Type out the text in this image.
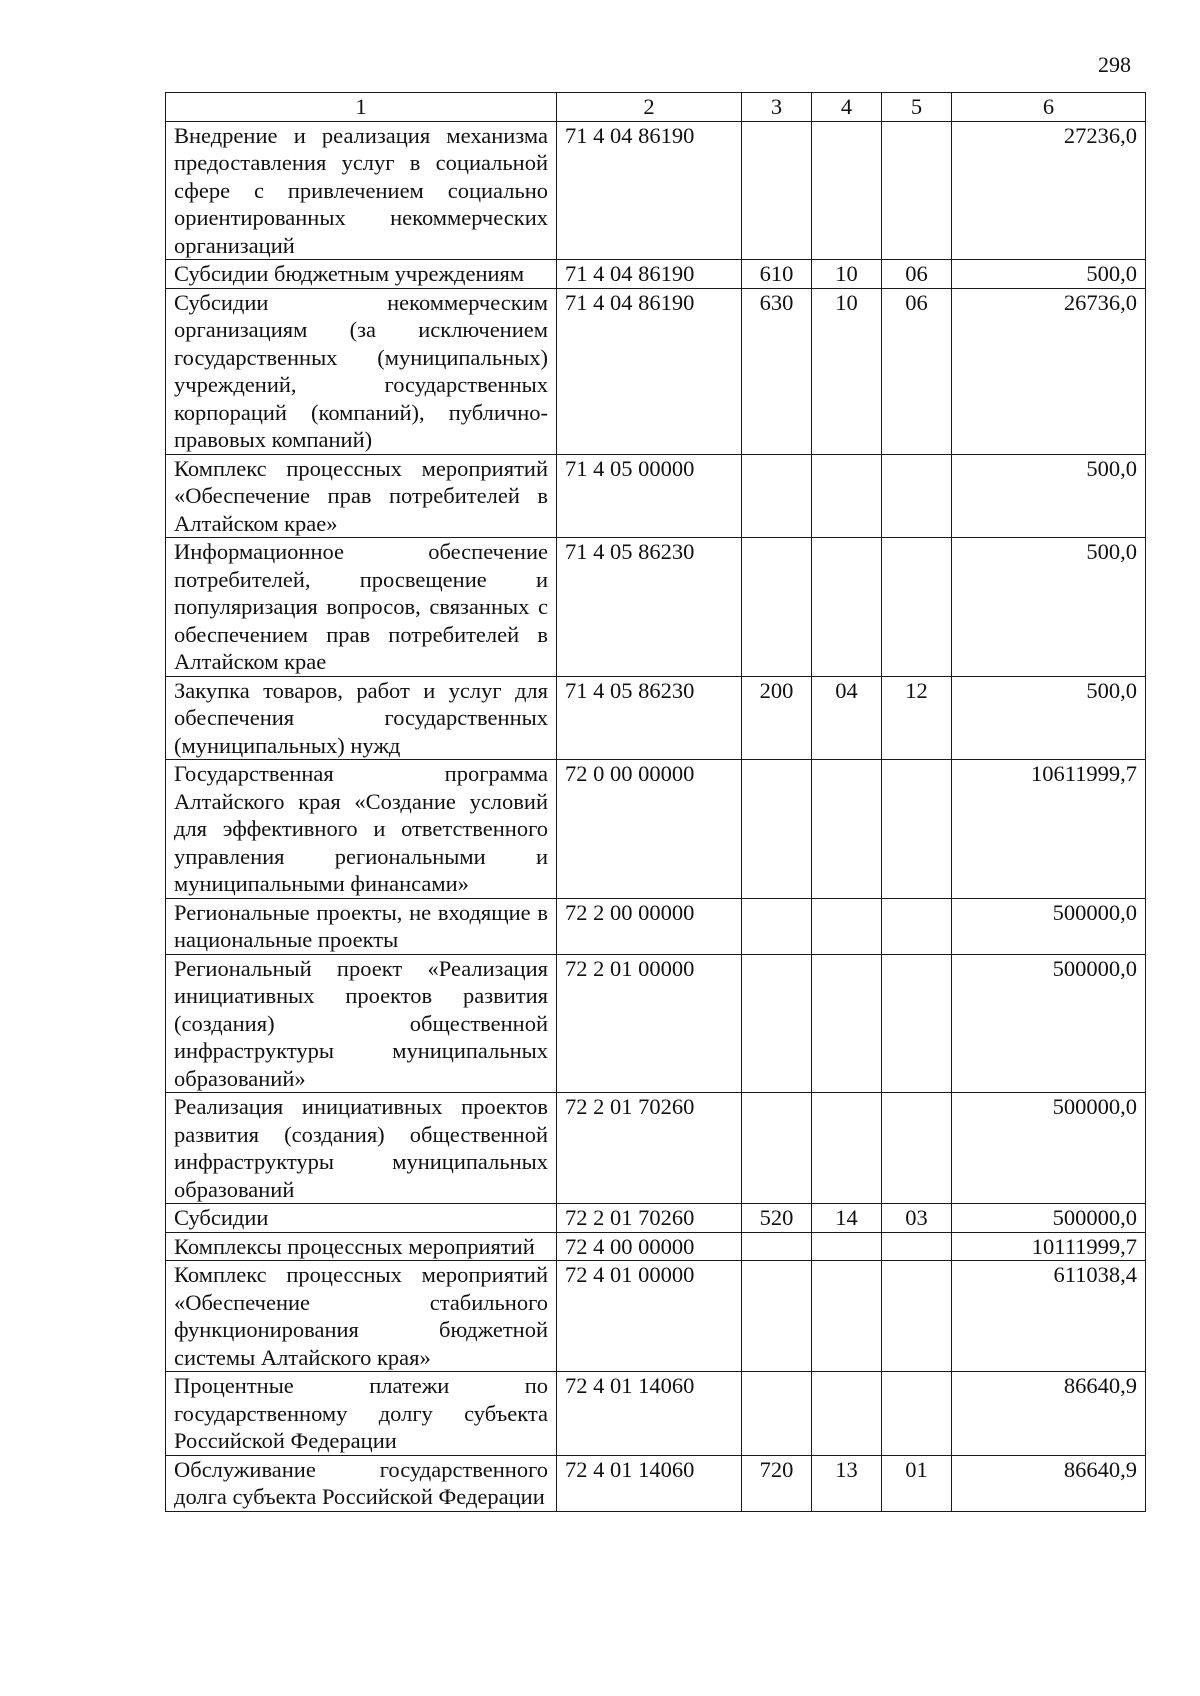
298
1	2	3	4	5	6
Внедрение и реализация механизма предоставления услуг в социальной сфере с привлечением социально ориентированных некоммерческих организаций	71 4 04 86190				27236,0
Субсидии бюджетным учреждениям	71 4 04 86190	610	10	06	500,0
Субсидии некоммерческим организациям (за исключением государственных (муниципальных) учреждений, государственных корпораций (компаний), публично-правовых компаний)	71 4 04 86190	630	10	06	26736,0
Комплекс процессных мероприятий «Обеспечение прав потребителей в Алтайском крае»	71 4 05 00000				500,0
Информационное обеспечение потребителей, просвещение и популяризация вопросов, связанных с обеспечением прав потребителей в Алтайском крае	71 4 05 86230				500,0
Закупка товаров, работ и услуг для обеспечения государственных (муниципальных) нужд	71 4 05 86230	200	04	12	500,0
Государственная программа Алтайского края «Создание условий для эффективного и ответственного управления региональными и муниципальными финансами»	72 0 00 00000				10611999,7
Региональные проекты, не входящие в национальные проекты	72 2 00 00000				500000,0
Региональный проект «Реализация инициативных проектов развития (создания) общественной инфраструктуры муниципальных образований»	72 2 01 00000				500000,0
Реализация инициативных проектов развития (создания) общественной инфраструктуры муниципальных образований	72 2 01 70260				500000,0
Субсидии	72 2 01 70260	520	14	03	500000,0
Комплексы процессных мероприятий	72 4 00 00000				10111999,7
Комплекс процессных мероприятий «Обеспечение стабильного функционирования бюджетной системы Алтайского края»	72 4 01 00000				611038,4
Процентные платежи по государственному долгу субъекта Российской Федерации	72 4 01 14060				86640,9
Обслуживание государственного долга субъекта Российской Федерации	72 4 01 14060	720	13	01	86640,9
